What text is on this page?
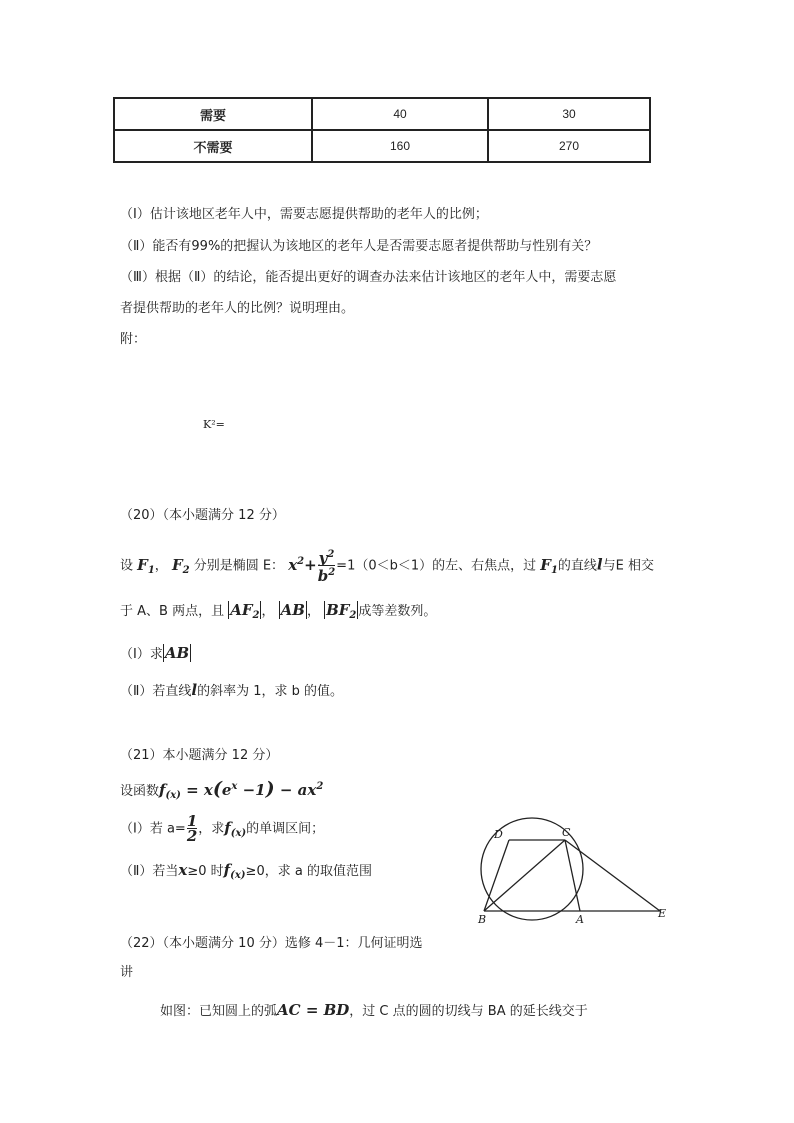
需要	40	30
不需要	160	270
（Ⅰ）估计该地区老年人中，需要志愿提供帮助的老年人的比例；
（Ⅱ）能否有99%的把握认为该地区的老年人是否需要志愿者提供帮助与性别有关？
（Ⅲ）根据（Ⅱ）的结论，能否提出更好的调查办法来估计该地区的老年人中，需要志愿
者提供帮助的老年人的比例？说明理由。
附：
K²=
（20）（本小题满分 12 分）
设 $F_1$， $F_2$ 分别是椭圆 E： $x^2+ \frac{y^2}{b^2} =1(0<b<1)$的左、右焦点，过 $F_1$的直线l与E 相交
于 A、B 两点，且 $AF_2$ ， AB ， $BF_2$ 成等差数列。
（Ⅰ）求 AB
（Ⅱ）若直线l的斜率为 1，求 b 的值。
（21）本小题满分 12 分）
设函数$f_{(x)} = x(e^x -1) - ax^2$
（Ⅰ）若 $a= \frac{1}{2}$ ，求$f_{(x)}$的单调区间；
（Ⅱ）若当x≥0 时$f_{(x)}\ge 0$，求 a 的取值范围
（22）（本小题满分 10 分）选修 4－1：几何证明选
讲
如图：已知圆上的弧AC = BD，过 C 点的圆的切线与 BA 的延长线交于
D	C
B	A	E
